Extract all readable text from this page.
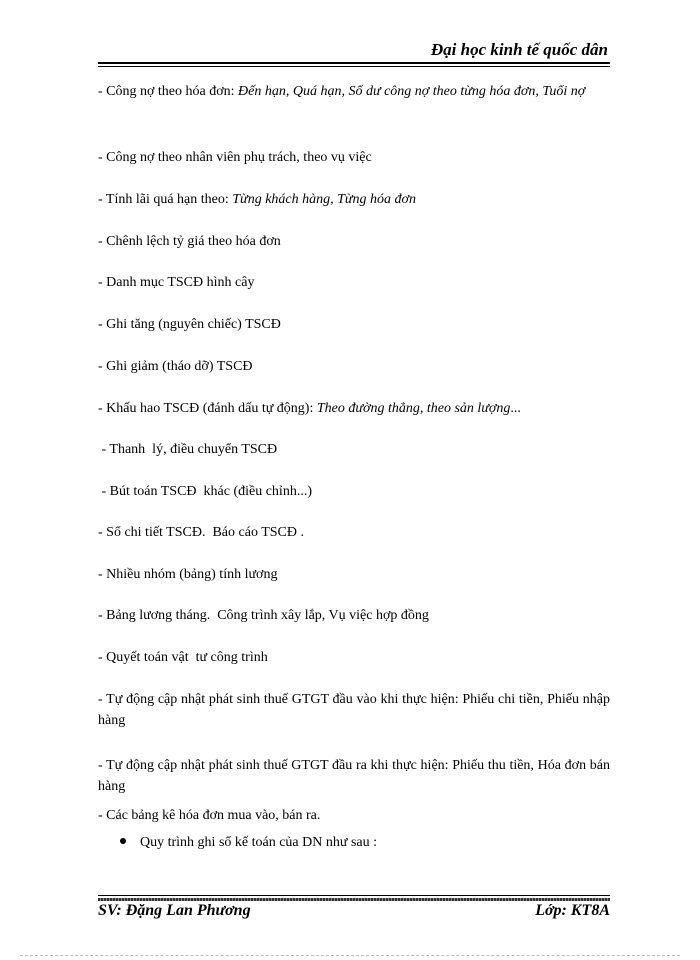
Đại học kinh tế quốc dân
- Công nợ theo hóa đơn: Đến hạn, Quá hạn, Số dư công nợ theo từng hóa đơn, Tuổi nợ
- Công nợ theo nhân viên phụ trách, theo vụ việc
- Tính lãi quá hạn theo: Từng khách hàng, Từng hóa đơn
- Chênh lệch tỷ giá theo hóa đơn
- Danh mục TSCĐ hình cây
- Ghi tăng (nguyên chiếc) TSCĐ
- Ghi giảm (tháo dỡ) TSCĐ
- Khấu hao TSCĐ (đánh dấu tự động): Theo đường thẳng, theo sản lượng...
- Thanh  lý, điều chuyển TSCĐ
- Bút toán TSCĐ  khác (điều chỉnh...)
- Sổ chi tiết TSCĐ.  Báo cáo TSCĐ .
- Nhiều nhóm (bảng) tính lương
- Bảng lương tháng.  Công trình xây lắp, Vụ việc hợp đồng
- Quyết toán vật  tư công trình
- Tự động cập nhật phát sinh thuế GTGT đầu vào khi thực hiện: Phiếu chi tiền, Phiếu nhập hàng
- Tự động cập nhật phát sinh thuế GTGT đầu ra khi thực hiện: Phiếu thu tiền, Hóa đơn bán hàng
- Các bảng kê hóa đơn mua vào, bán ra.
Quy trình ghi sổ kế toán của DN như sau :
SV: Đặng Lan Phương	Lớp: KT8A
